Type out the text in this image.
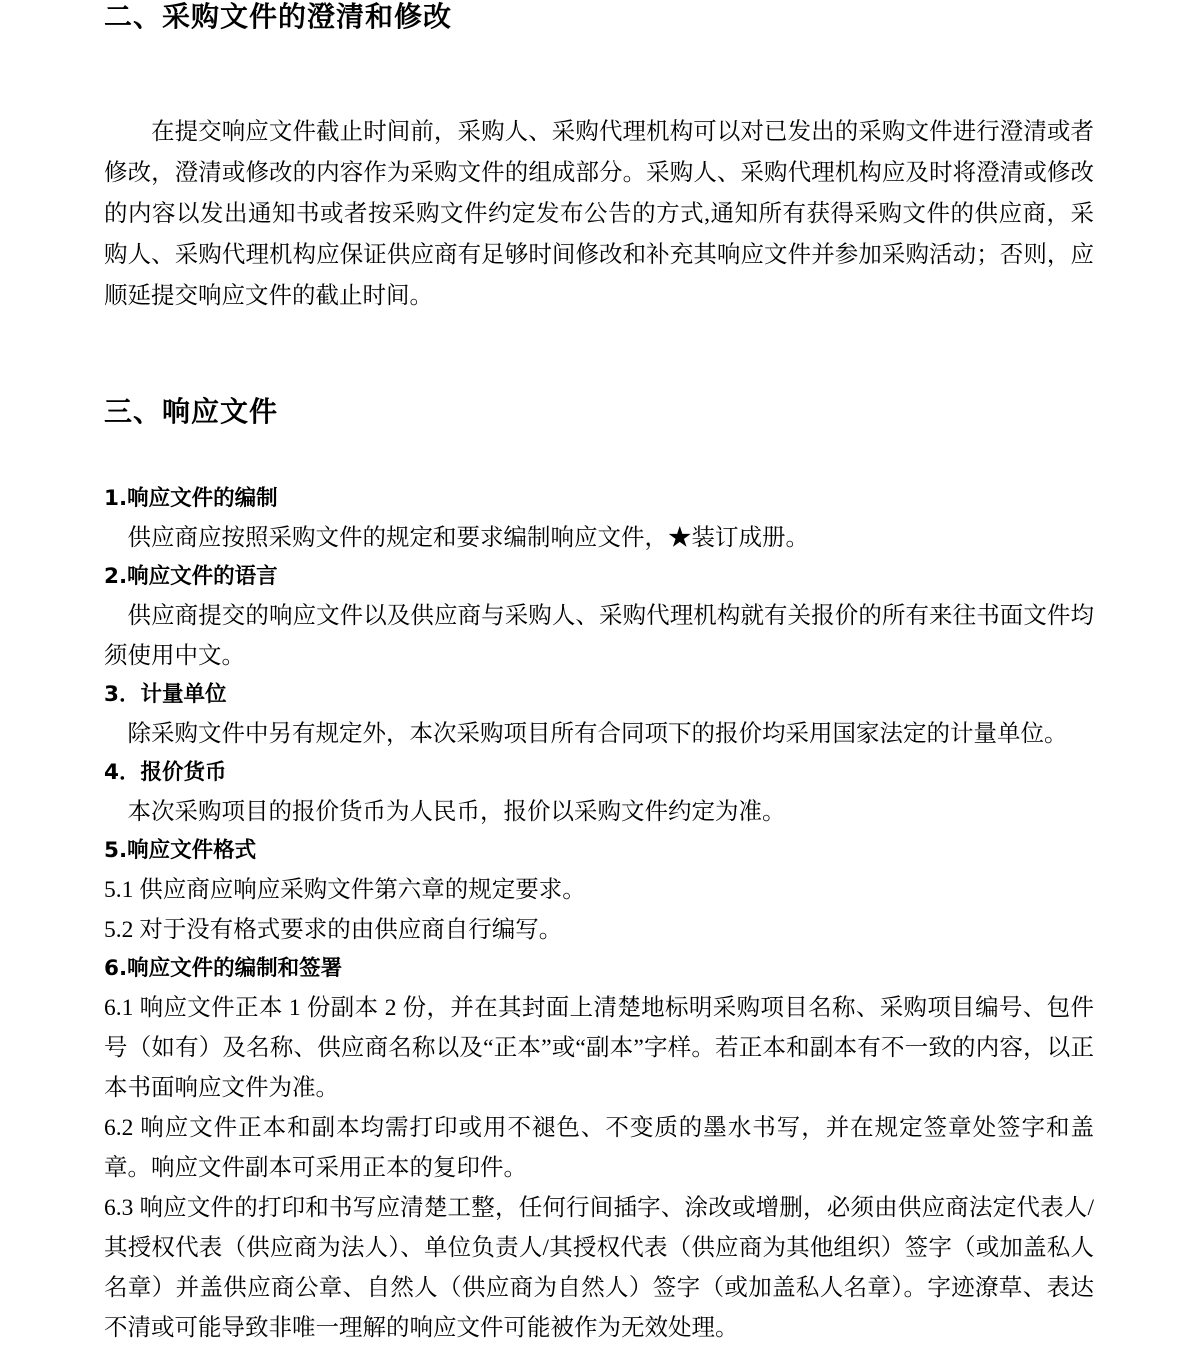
二、采购文件的澄清和修改

在提交响应文件截止时间前，采购人、采购代理机构可以对已发出的采购文件进行澄清或者修改，澄清或修改的内容作为采购文件的组成部分。采购人、采购代理机构应及时将澄清或修改的内容以发出通知书或者按采购文件约定发布公告的方式,通知所有获得采购文件的供应商，采购人、采购代理机构应保证供应商有足够时间修改和补充其响应文件并参加采购活动；否则，应顺延提交响应文件的截止时间。

三、响应文件
1.响应文件的编制

供应商应按照采购文件的规定和要求编制响应文件，★装订成册。

2.响应文件的语言

供应商提交的响应文件以及供应商与采购人、采购代理机构就有关报价的所有来往书面文件均须使用中文。

3．计量单位

除采购文件中另有规定外，本次采购项目所有合同项下的报价均采用国家法定的计量单位。

4．报价货币

本次采购项目的报价货币为人民币，报价以采购文件约定为准。

5.响应文件格式

5.1 供应商应响应采购文件第六章的规定要求。

5.2 对于没有格式要求的由供应商自行编写。

6.响应文件的编制和签署

6.1 响应文件正本 1 份副本 2 份，并在其封面上清楚地标明采购项目名称、采购项目编号、包件号（如有）及名称、供应商名称以及“正本”或“副本”字样。若正本和副本有不一致的内容，以正本书面响应文件为准。

6.2 响应文件正本和副本均需打印或用不褪色、不变质的墨水书写，并在规定签章处签字和盖章。响应文件副本可采用正本的复印件。

6.3 响应文件的打印和书写应清楚工整，任何行间插字、涂改或增删，必须由供应商法定代表人/其授权代表（供应商为法人）、单位负责人/其授权代表（供应商为其他组织）签字（或加盖私人名章）并盖供应商公章、自然人（供应商为自然人）签字（或加盖私人名章）。字迹潦草、表达不清或可能导致非唯一理解的响应文件可能被作为无效处理。
